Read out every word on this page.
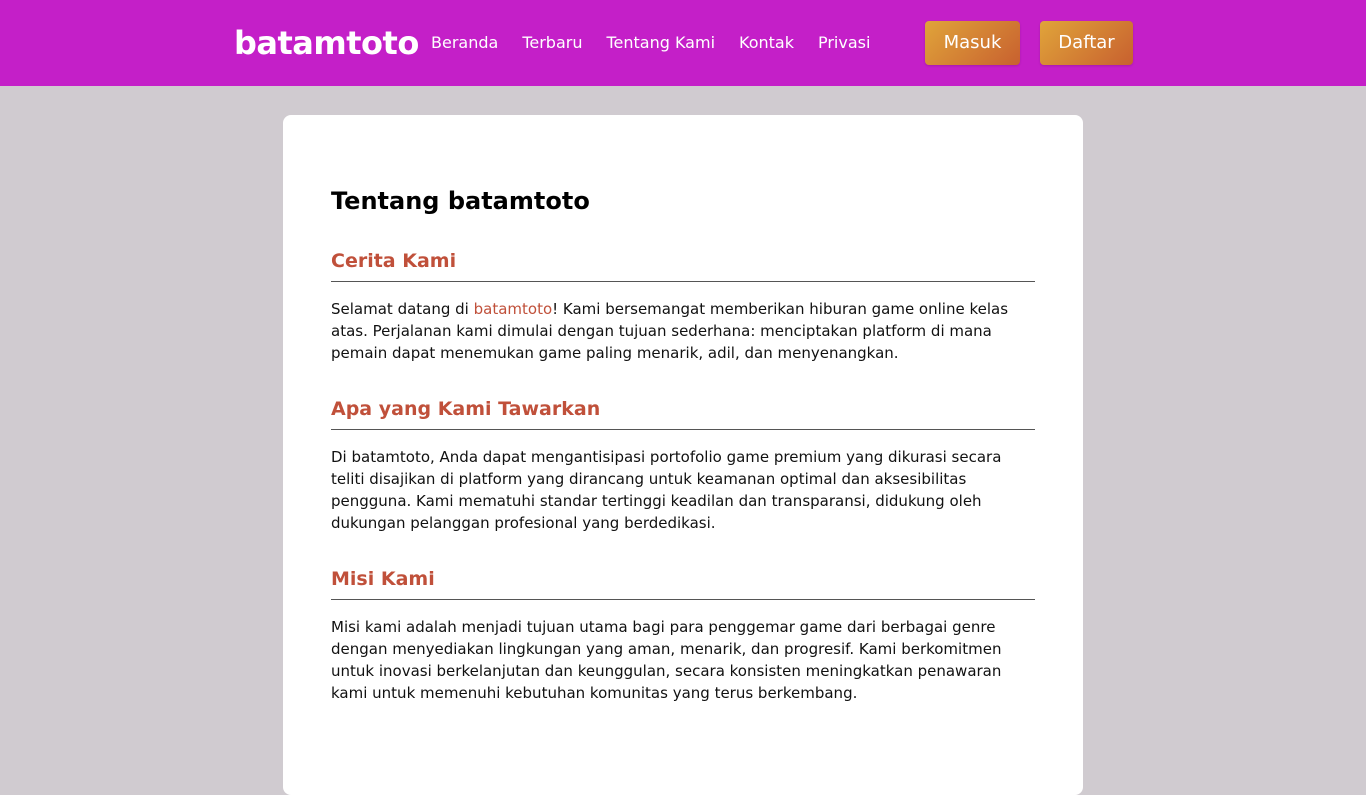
batamtoto Beranda Terbaru Tentang Kami Kontak Privasi	Masuk	Daftar
Tentang batamtoto
Cerita Kami

Selamat datang di batamtoto! Kami bersemangat memberikan hiburan game online kelas atas. Perjalanan kami dimulai dengan tujuan sederhana: menciptakan platform di mana pemain dapat menemukan game paling menarik, adil, dan menyenangkan.

Apa yang Kami Tawarkan

Di batamtoto, Anda dapat mengantisipasi portofolio game premium yang dikurasi secara teliti disajikan di platform yang dirancang untuk keamanan optimal dan aksesibilitas pengguna. Kami mematuhi standar tertinggi keadilan dan transparansi, didukung oleh dukungan pelanggan profesional yang berdedikasi.

Misi Kami

Misi kami adalah menjadi tujuan utama bagi para penggemar game dari berbagai genre dengan menyediakan lingkungan yang aman, menarik, dan progresif. Kami berkomitmen untuk inovasi berkelanjutan dan keunggulan, secara konsisten meningkatkan penawaran kami untuk memenuhi kebutuhan komunitas yang terus berkembang.
